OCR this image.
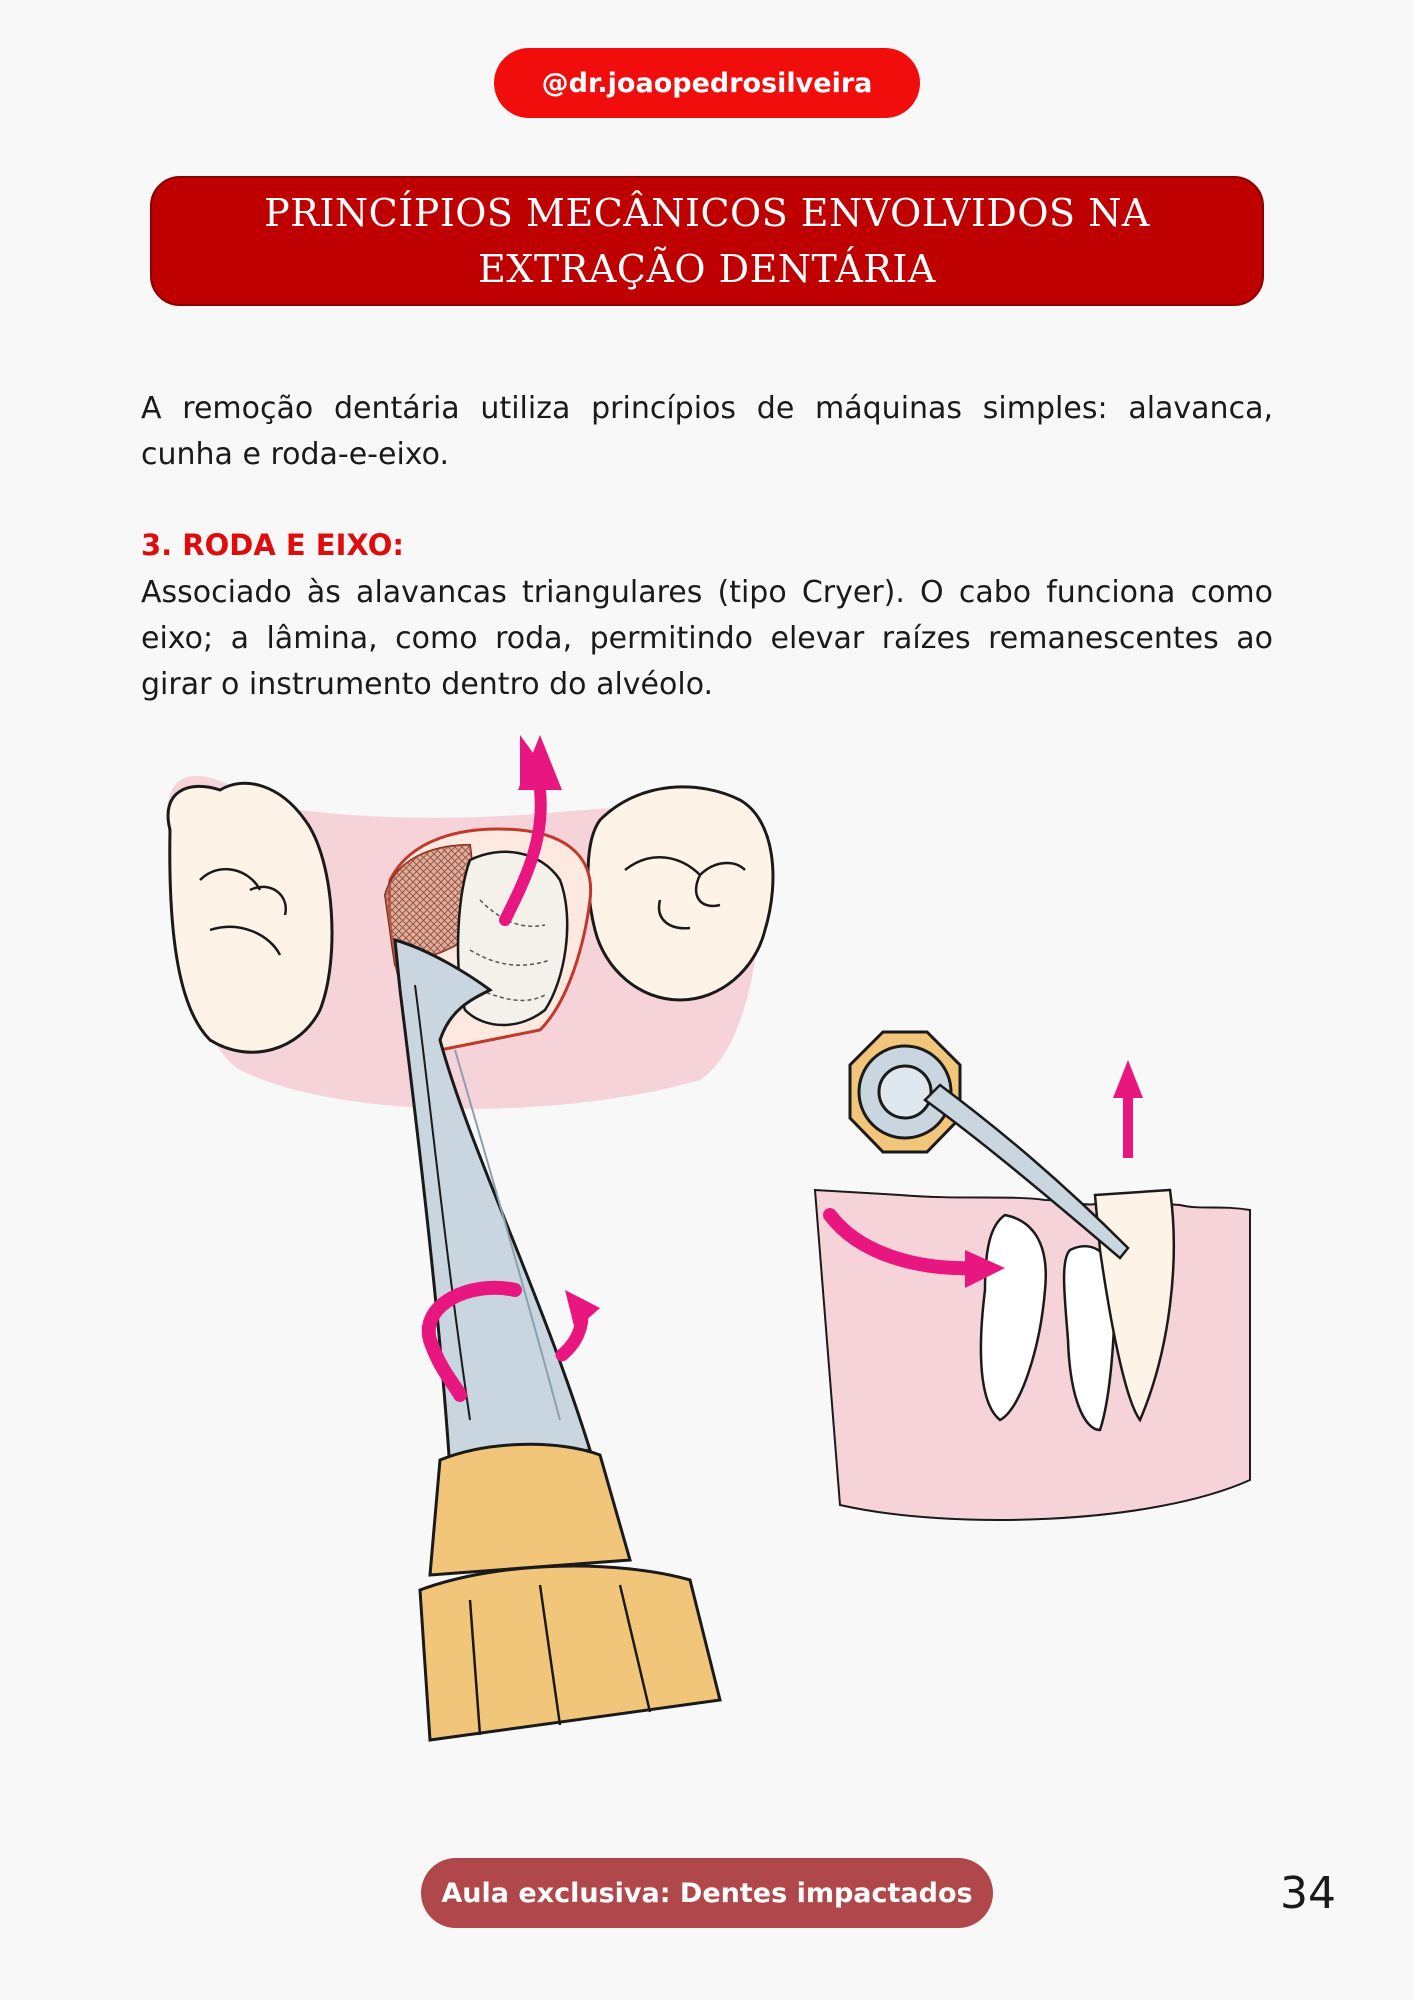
@dr.joaopedrosilveira
PRINCÍPIOS MECÂNICOS ENVOLVIDOS NA EXTRAÇÃO DENTÁRIA

A remoção dentária utiliza princípios de máquinas simples: alavanca, cunha e roda-e-eixo.

3. RODA E EIXO:

Associado às alavancas triangulares (tipo Cryer). O cabo funciona como eixo; a lâmina, como roda, permitindo elevar raízes remanescentes ao girar o instrumento dentro do alvéolo.

Aula exclusiva: Dentes impactados	34
